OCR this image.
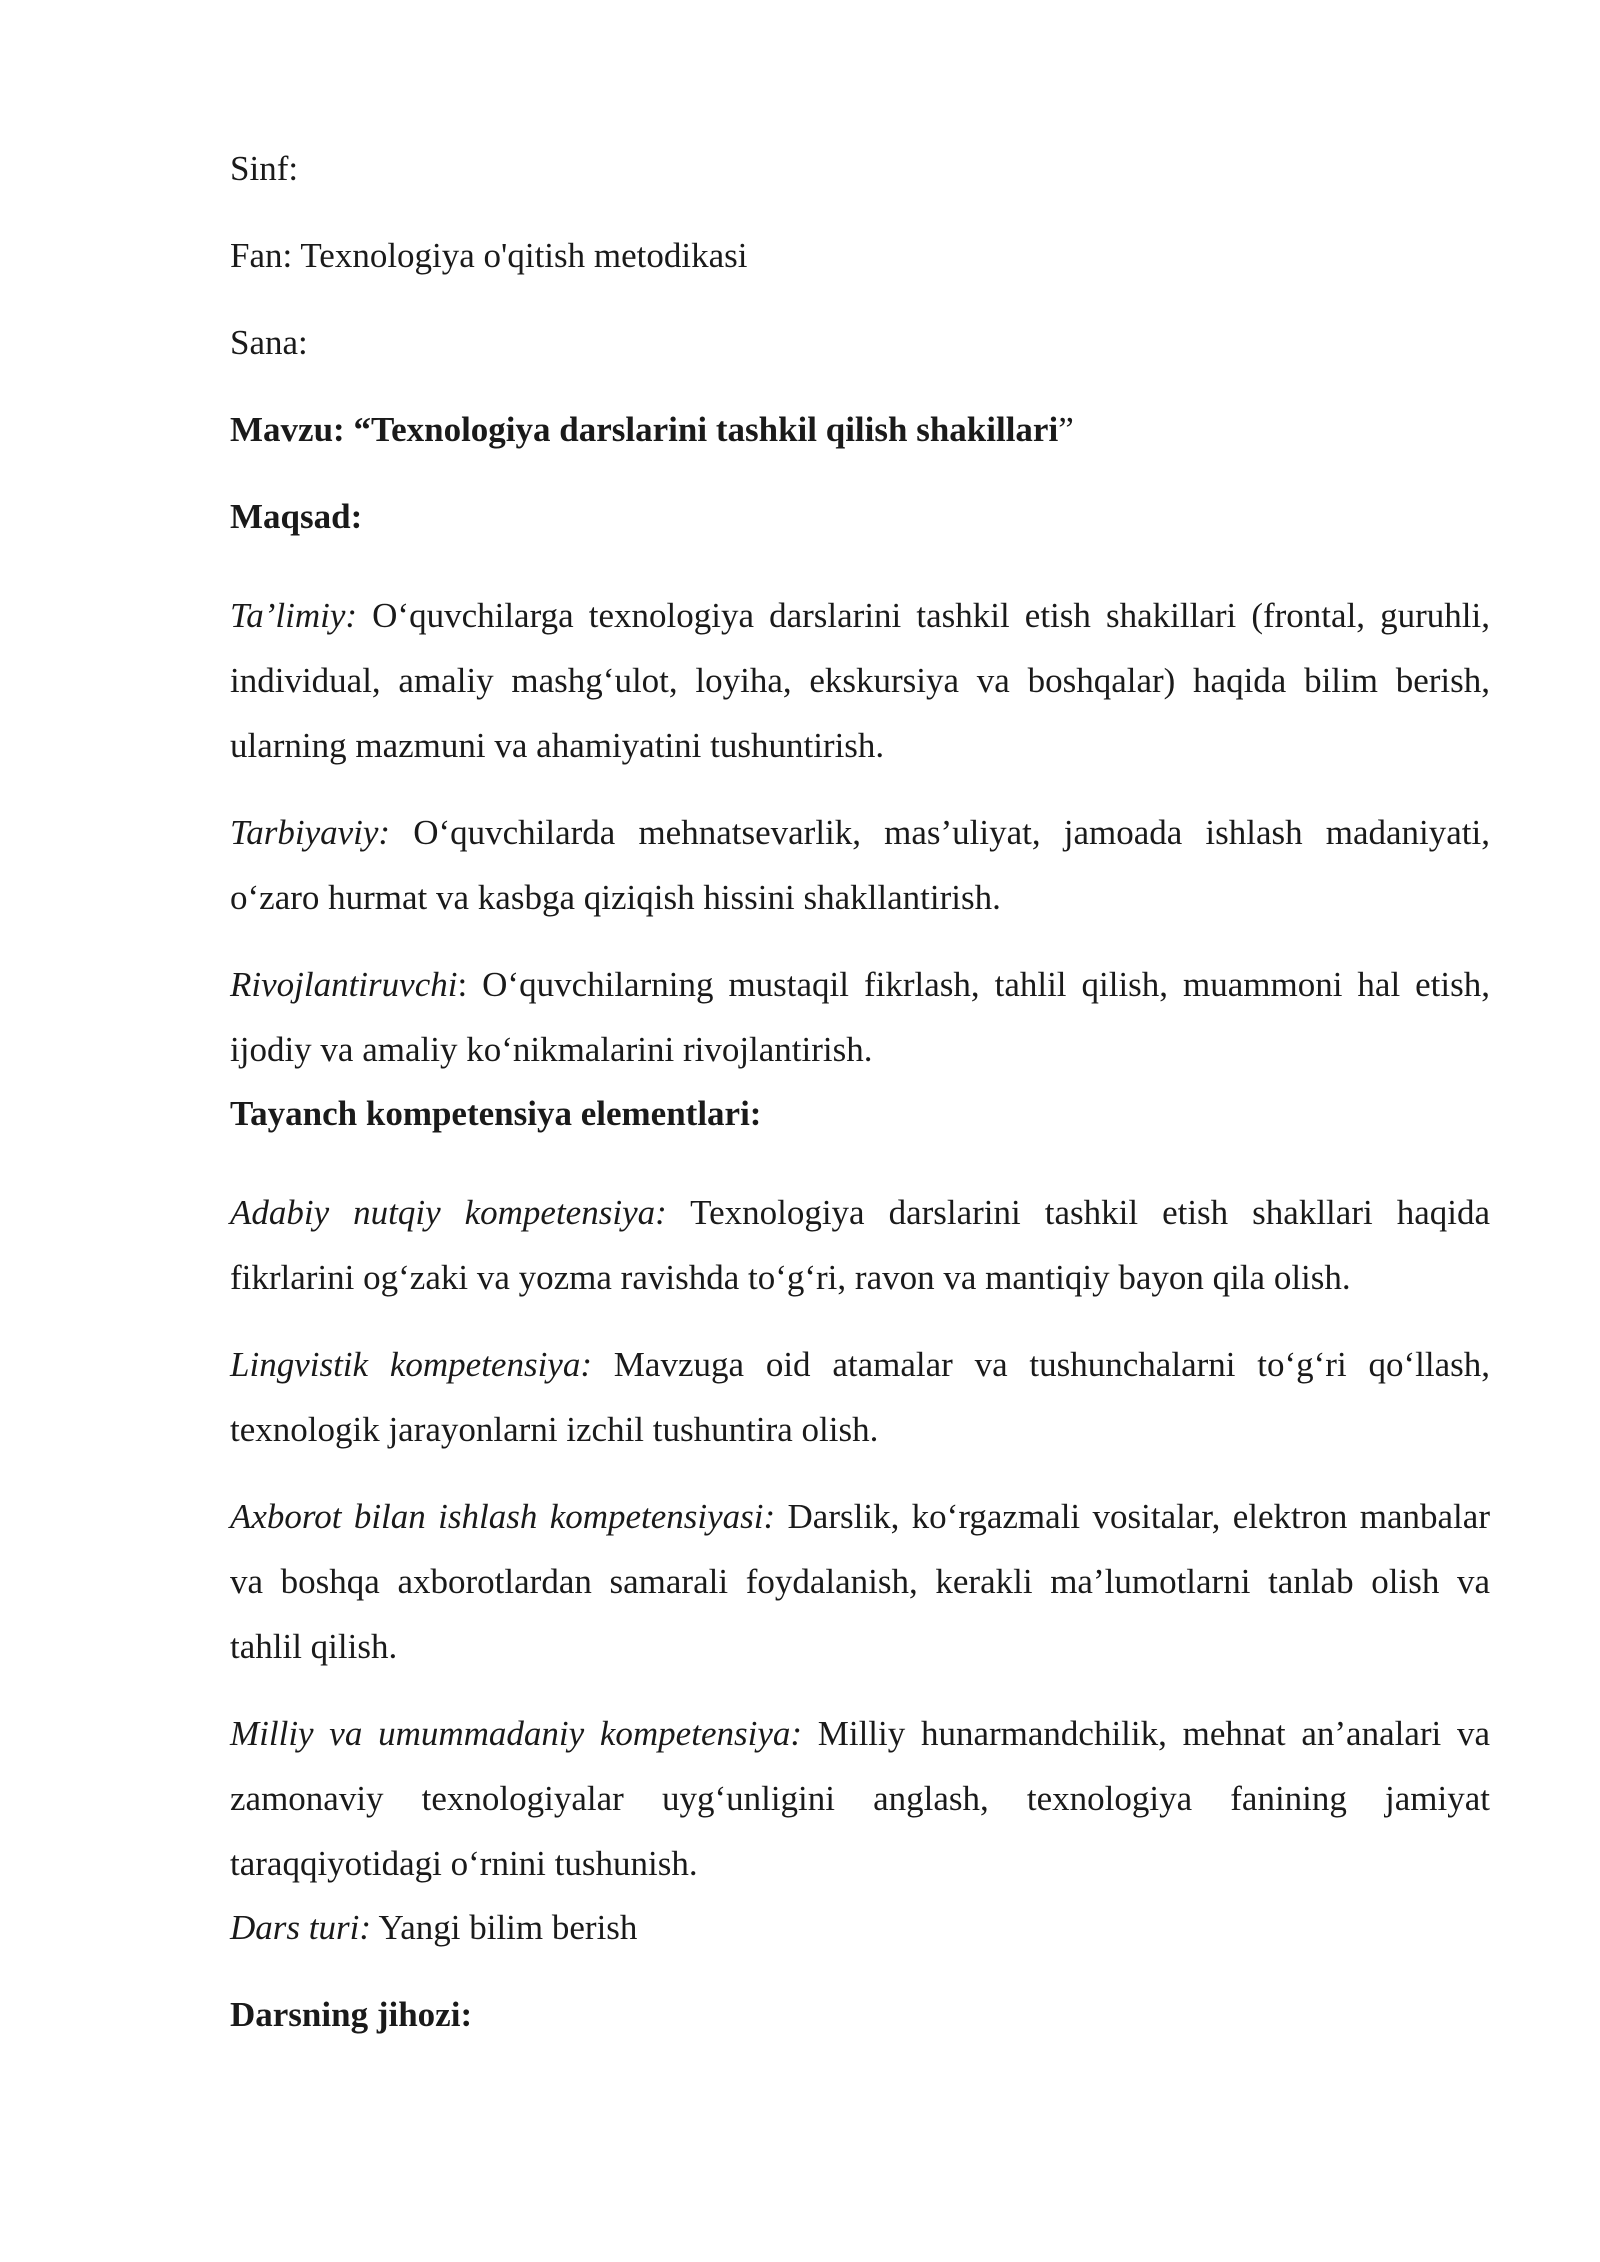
Sinf:

Fan: Texnologiya o'qitish metodikasi

Sana:

Mavzu: “Texnologiya darslarini tashkil qilish shakillari”

Maqsad:

Ta’limiy: O‘quvchilarga texnologiya darslarini tashkil etish shakillari (frontal, guruhli, individual, amaliy mashg‘ulot, loyiha, ekskursiya va boshqalar) haqida bilim berish, ularning mazmuni va ahamiyatini tushuntirish.

Tarbiyaviy: O‘quvchilarda mehnatsevarlik, mas’uliyat, jamoada ishlash madaniyati, o‘zaro hurmat va kasbga qiziqish hissini shakllantirish.

Rivojlantiruvchi: O‘quvchilarning mustaqil fikrlash, tahlil qilish, muammoni hal etish, ijodiy va amaliy ko‘nikmalarini rivojlantirish.

Tayanch kompetensiya elementlari:

Adabiy nutqiy kompetensiya: Texnologiya darslarini tashkil etish shakllari haqida fikrlarini og‘zaki va yozma ravishda to‘g‘ri, ravon va mantiqiy bayon qila olish.

Lingvistik kompetensiya: Mavzuga oid atamalar va tushunchalarni to‘g‘ri qo‘llash, texnologik jarayonlarni izchil tushuntira olish.

Axborot bilan ishlash kompetensiyasi: Darslik, ko‘rgazmali vositalar, elektron manbalar va boshqa axborotlardan samarali foydalanish, kerakli ma’lumotlarni tanlab olish va tahlil qilish.

Milliy va umummadaniy kompetensiya: Milliy hunarmandchilik, mehnat an’analari va zamonaviy texnologiyalar uyg‘unligini anglash, texnologiya fanining jamiyat taraqqiyotidagi o‘rnini tushunish.

Dars turi: Yangi bilim berish

Darsning jihozi:
